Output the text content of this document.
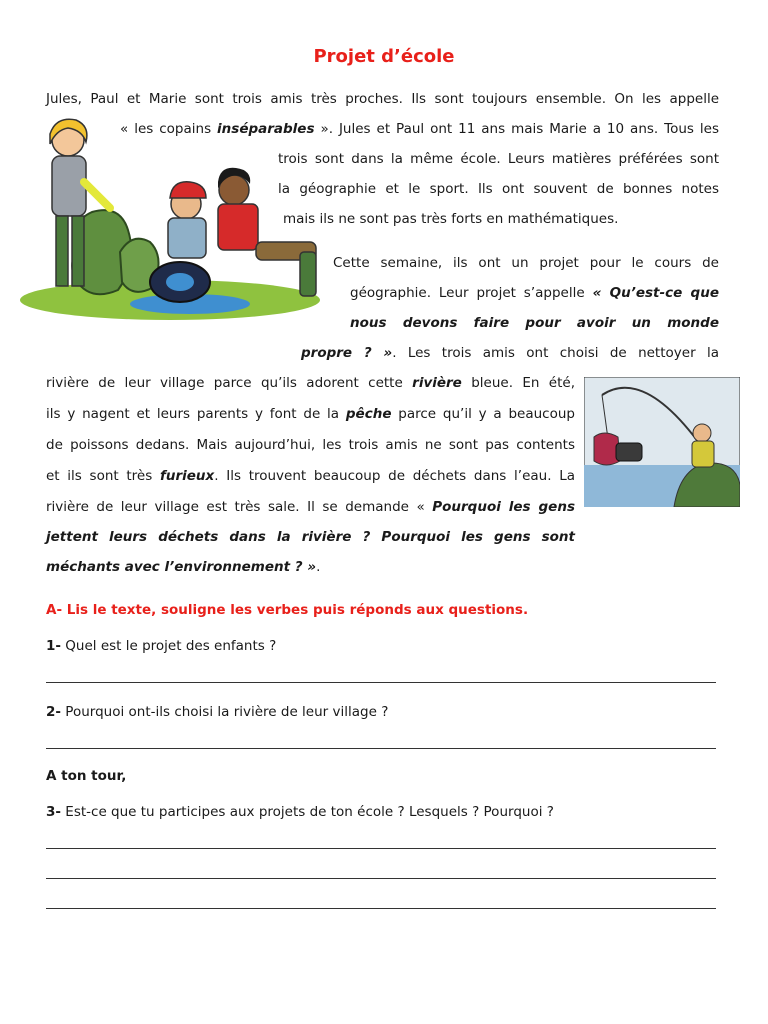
Projet d’école
Jules, Paul et Marie sont trois amis très proches. Ils sont toujours ensemble. On les appelle
« les copains inséparables ». Jules et Paul ont 11 ans mais Marie a 10 ans. Tous les
trois sont dans la même école. Leurs matières préférées sont
la géographie et le sport. Ils ont souvent de bonnes notes
mais ils ne sont pas très forts en mathématiques.
Cette semaine, ils ont un projet pour le cours de
géographie. Leur projet s’appelle « Qu’est-ce que
nous devons faire pour avoir un monde
propre ? ». Les trois amis ont choisi de nettoyer la
rivière de leur village parce qu’ils adorent cette rivière bleue. En été,
ils y nagent et leurs parents y font de la pêche parce qu’il y a beaucoup
de poissons dedans. Mais aujourd’hui, les trois amis ne sont pas contents
et ils sont très furieux. Ils trouvent beaucoup de déchets dans l’eau. La
rivière de leur village est très sale. Il se demande « Pourquoi les gens
jettent leurs déchets dans la rivière ? Pourquoi les gens sont
méchants avec l’environnement ? ».
A- Lis le texte, souligne les verbes puis réponds aux questions.
1- Quel est le projet des enfants ?
2- Pourquoi ont-ils choisi la rivière de leur village ?
A ton tour,
3- Est-ce que tu participes aux projets de ton école ? Lesquels ? Pourquoi ?
